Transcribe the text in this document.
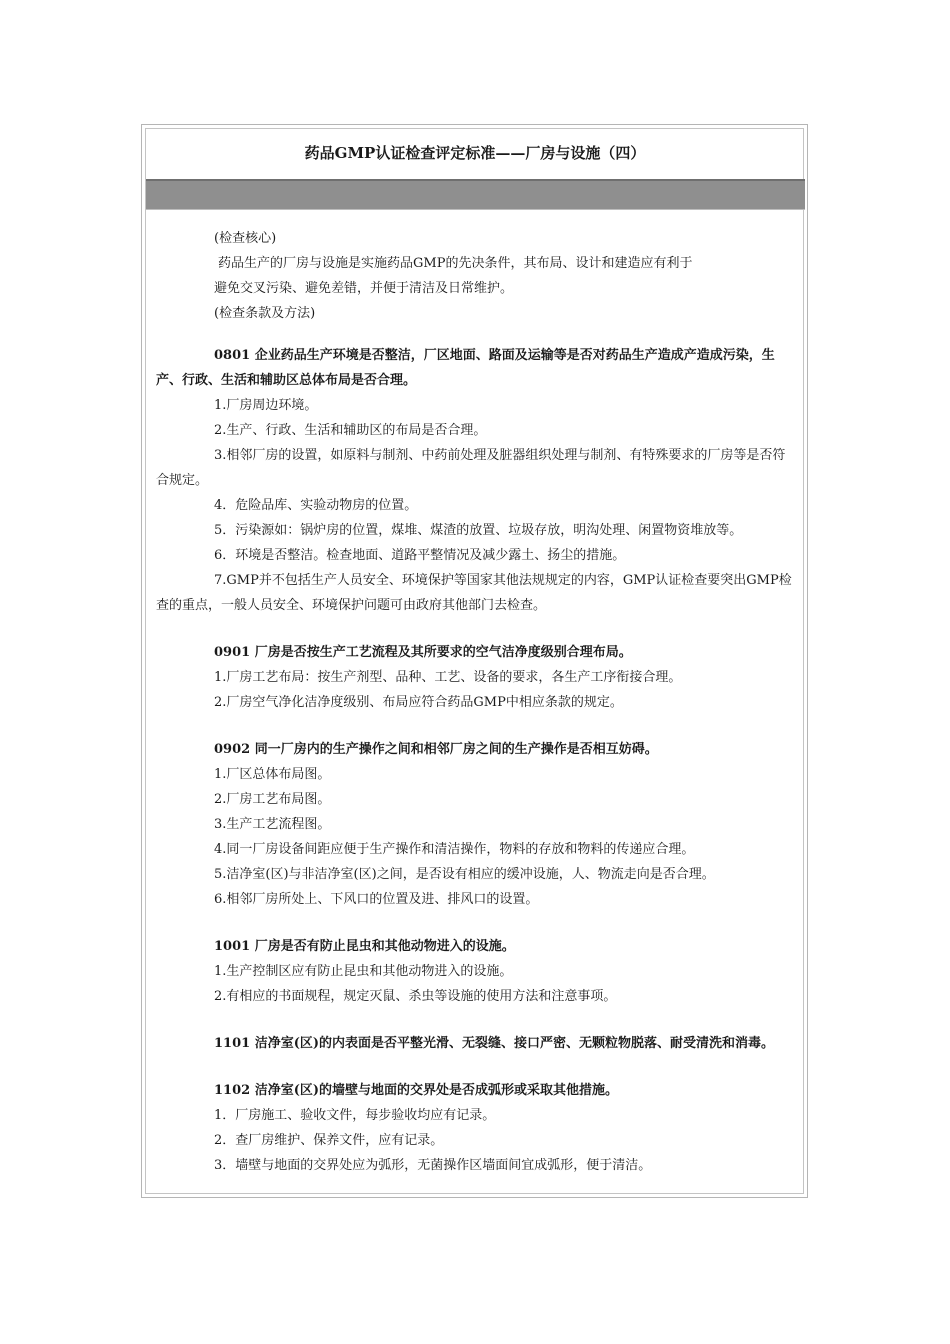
药品GMP认证检查评定标准——厂房与设施（四）

(检查核心)

药品生产的厂房与设施是实施药品GMP的先决条件，其布局、设计和建造应有利于

避免交叉污染、避免差错，并便于清洁及日常维护。

(检查条款及方法)

0801 企业药品生产环境是否整洁，厂区地面、路面及运输等是否对药品生产造成产造成污染，生产、行政、生活和辅助区总体布局是否合理。

1.厂房周边环境。

2.生产、行政、生活和辅助区的布局是否合理。

3.相邻厂房的设置，如原料与制剂、中药前处理及脏器组织处理与制剂、有特殊要求的厂房等是否符合规定。

4．危险品库、实验动物房的位置。

5．污染源如：锅炉房的位置，煤堆、煤渣的放置、垃圾存放，明沟处理、闲置物资堆放等。

6．环境是否整洁。检查地面、道路平整情况及减少露土、扬尘的措施。

7.GMP并不包括生产人员安全、环境保护等国家其他法规规定的内容，GMP认证检查要突出GMP检查的重点，一般人员安全、环境保护问题可由政府其他部门去检查。

0901 厂房是否按生产工艺流程及其所要求的空气洁净度级别合理布局。

1.厂房工艺布局：按生产剂型、品种、工艺、设备的要求，各生产工序衔接合理。

2.厂房空气净化洁净度级别、布局应符合药品GMP中相应条款的规定。

0902 同一厂房内的生产操作之间和相邻厂房之间的生产操作是否相互妨碍。

1.厂区总体布局图。

2.厂房工艺布局图。

3.生产工艺流程图。

4.同一厂房设备间距应便于生产操作和清洁操作，物料的存放和物料的传递应合理。

5.洁净室(区)与非洁净室(区)之间，是否设有相应的缓冲设施，人、物流走向是否合理。

6.相邻厂房所处上、下风口的位置及进、排风口的设置。

1001 厂房是否有防止昆虫和其他动物进入的设施。

1.生产控制区应有防止昆虫和其他动物进入的设施。

2.有相应的书面规程，规定灭鼠、杀虫等设施的使用方法和注意事项。

1101 洁净室(区)的内表面是否平整光滑、无裂缝、接口严密、无颗粒物脱落、耐受清洗和消毒。

1102 洁净室(区)的墙壁与地面的交界处是否成弧形或采取其他措施。

1．厂房施工、验收文件，每步验收均应有记录。

2．查厂房维护、保养文件，应有记录。

3．墙壁与地面的交界处应为弧形，无菌操作区墙面间宜成弧形，便于清洁。
